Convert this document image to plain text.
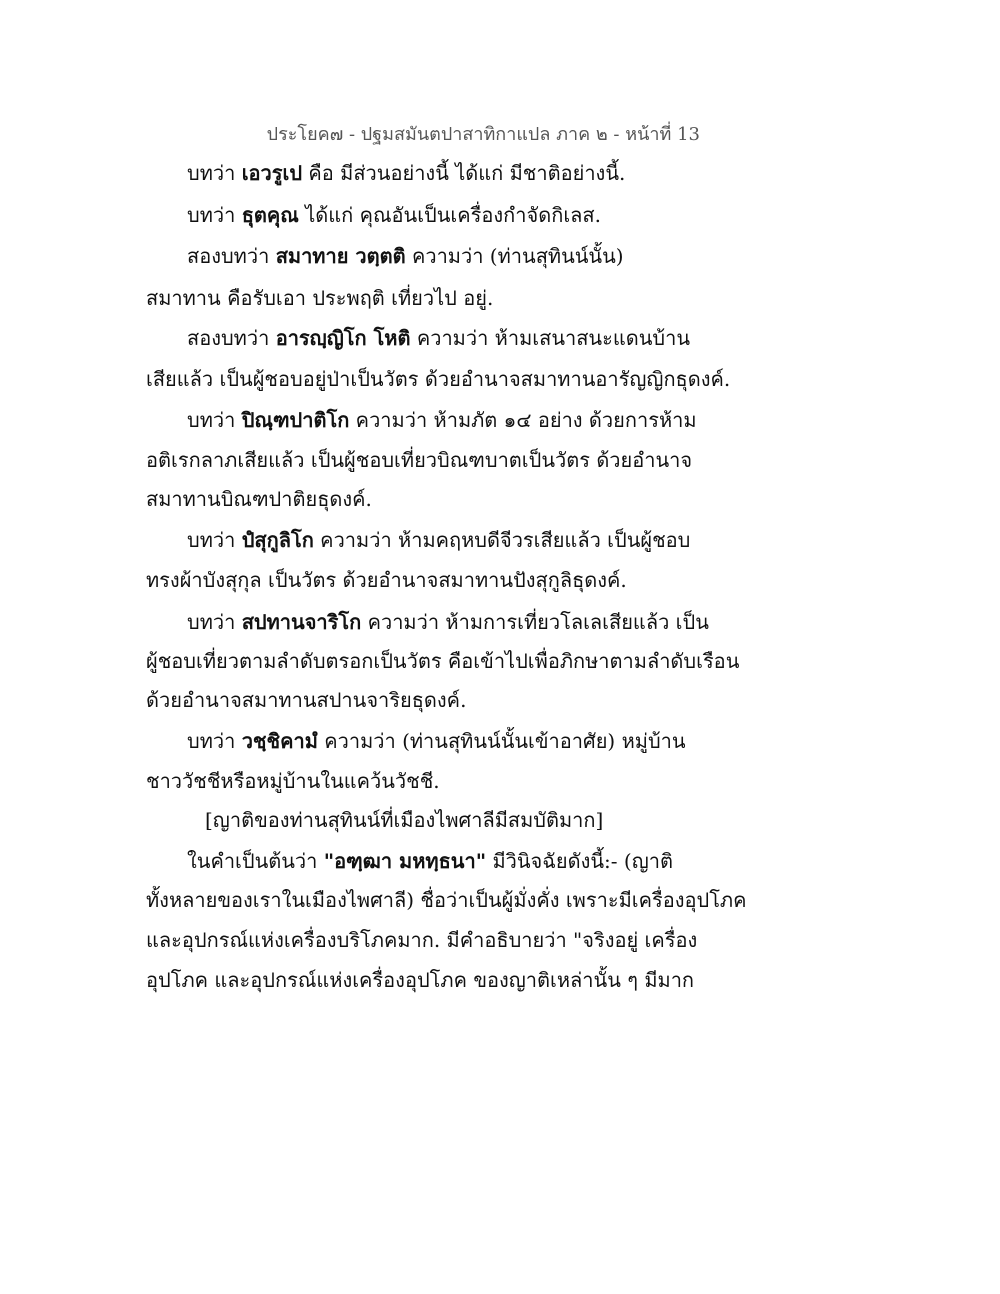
ประโยค๗ - ปฐมสมันตปาสาทิกาแปล ภาค ๒ - หน้าที่ 13
บทว่า เอวรูเป คือ มีส่วนอย่างนี้ ได้แก่ มีชาติอย่างนี้.
บทว่า ธุตคุณ ได้แก่ คุณอันเป็นเครื่องกำจัดกิเลส.
สองบทว่า สมาทาย วตฺตติ ความว่า (ท่านสุทินน์นั้น)
สมาทาน คือรับเอา ประพฤติ เที่ยวไป อยู่.
สองบทว่า อารญฺญิโก โหติ ความว่า ห้ามเสนาสนะแดนบ้าน
เสียแล้ว เป็นผู้ชอบอยู่ป่าเป็นวัตร ด้วยอำนาจสมาทานอารัญญิกธุดงค์.
บทว่า ปิณฺฑปาติโก ความว่า ห้ามภัต ๑๔ อย่าง ด้วยการห้าม
อติเรกลาภเสียแล้ว เป็นผู้ชอบเที่ยวบิณฑบาตเป็นวัตร ด้วยอำนาจ
สมาทานบิณฑปาติยธุดงค์.
บทว่า ปํสุกูลิโก ความว่า ห้ามคฤหบดีจีวรเสียแล้ว เป็นผู้ชอบ
ทรงผ้าบังสุกุล เป็นวัตร ด้วยอำนาจสมาทานปังสุกูลิธุดงค์.
บทว่า สปทานจาริโก ความว่า ห้ามการเที่ยวโลเลเสียแล้ว เป็น
ผู้ชอบเที่ยวตามลำดับตรอกเป็นวัตร คือเข้าไปเพื่อภิกษาตามลำดับเรือน
ด้วยอำนาจสมาทานสปานจาริยธุดงค์.
บทว่า วชฺชิคามํ ความว่า (ท่านสุทินน์นั้นเข้าอาศัย) หมู่บ้าน
ชาววัชชีหรือหมู่บ้านในแคว้นวัชชี.
[ญาติของท่านสุทินน์ที่เมืองไพศาลีมีสมบัติมาก]
ในคำเป็นต้นว่า "อฑฺฒา มหทฺธนา" มีวินิจฉัยดังนี้:- (ญาติ
ทั้งหลายของเราในเมืองไพศาลี) ชื่อว่าเป็นผู้มั่งคั่ง เพราะมีเครื่องอุปโภค
และอุปกรณ์แห่งเครื่องบริโภคมาก. มีคำอธิบายว่า "จริงอยู่ เครื่อง
อุปโภค และอุปกรณ์แห่งเครื่องอุปโภค ของญาติเหล่านั้น ๆ มีมาก
